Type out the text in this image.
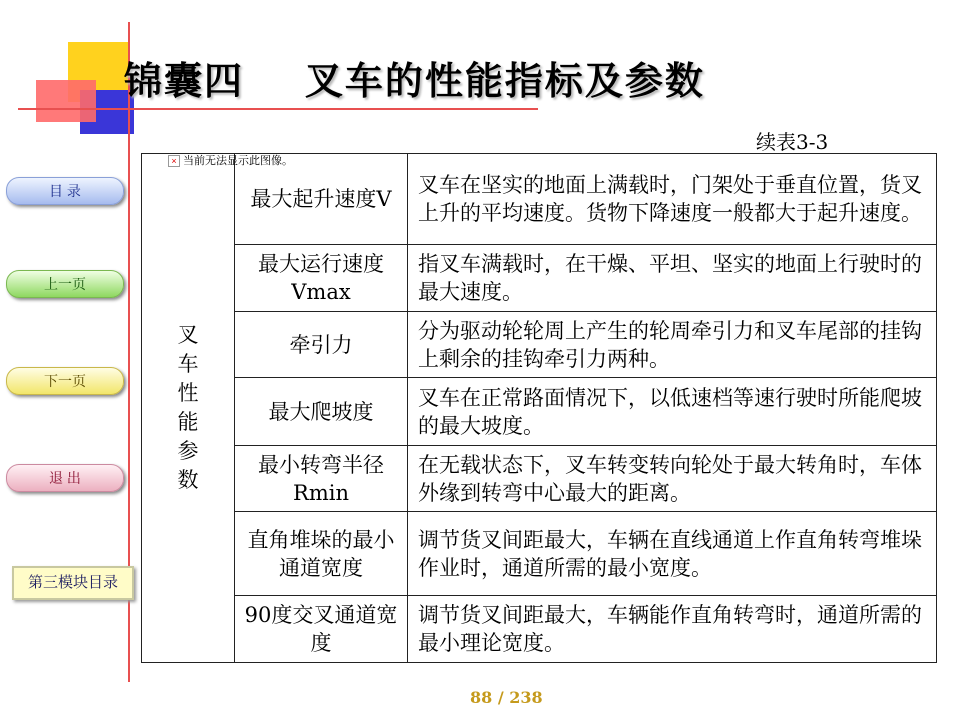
锦囊四    叉车的性能指标及参数
续表3-3
目 录
上一页
下一页
退 出
第三模块目录
× 当前无法显示此图像。
叉车性能参数	最大起升速度V	叉车在坚实的地面上满载时，门架处于垂直位置，货叉上升的平均速度。货物下降速度一般都大于起升速度。
	最大运行速度Vmax	指叉车满载时，在干燥、平坦、坚实的地面上行驶时的最大速度。
	牵引力	分为驱动轮轮周上产生的轮周牵引力和叉车尾部的挂钩上剩余的挂钩牵引力两种。
	最大爬坡度	叉车在正常路面情况下，以低速档等速行驶时所能爬坡的最大坡度。
	最小转弯半径Rmin	在无载状态下，叉车转变转向轮处于最大转角时，车体外缘到转弯中心最大的距离。
	直角堆垛的最小通道宽度	调节货叉间距最大，车辆在直线通道上作直角转弯堆垛作业时，通道所需的最小宽度。
	90度交叉通道宽度	调节货叉间距最大，车辆能作直角转弯时，通道所需的最小理论宽度。
88 / 238
